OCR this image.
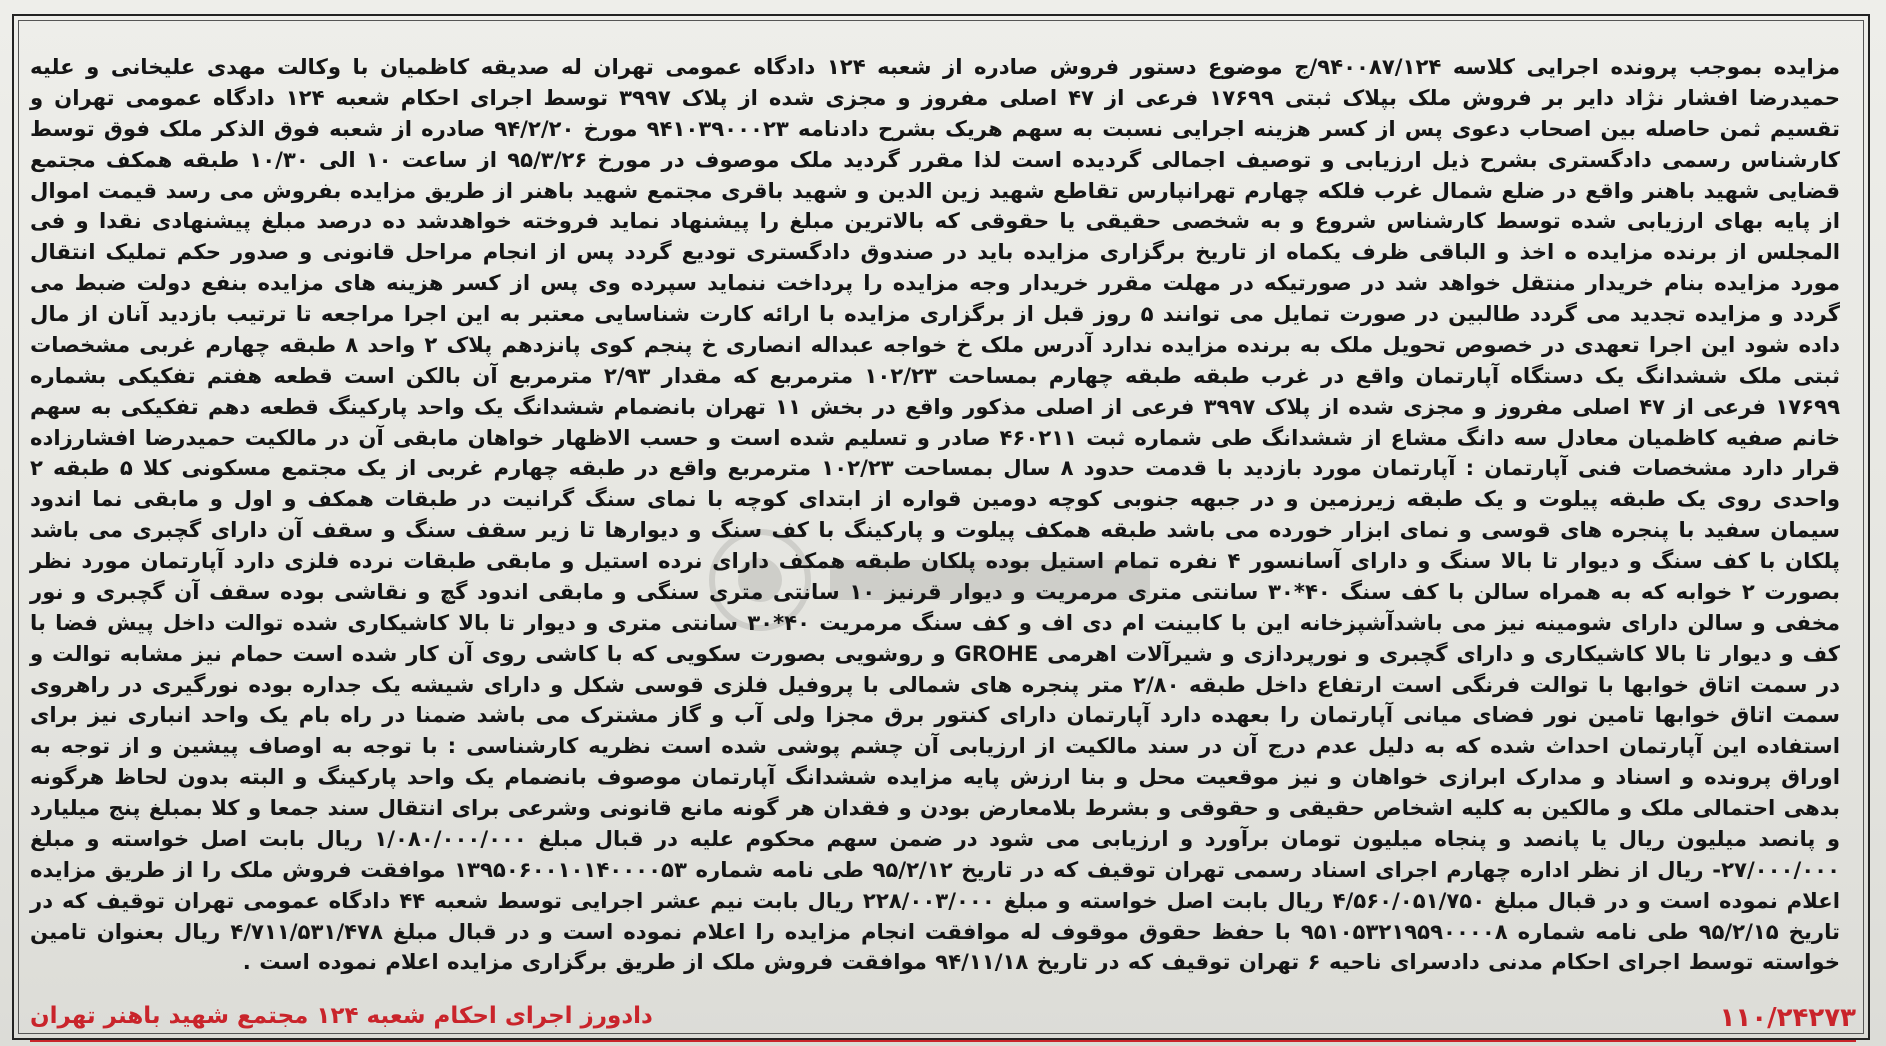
مزایده بموجب پرونده اجرایی کلاسه ۹۴۰۰۸۷/۱۲۴/ج موضوع دستور فروش صادره از شعبه ۱۲۴ دادگاه عمومی تهران له صدیقه کاظمیان با وکالت مهدی علیخانی و علیه حمیدرضا افشار نژاد دایر بر فروش ملک بپلاک ثبتی ۱۷۶۹۹ فرعی از ۴۷ اصلی مفروز و مجزی شده از پلاک ۳۹۹۷ توسط اجرای احکام شعبه ۱۲۴ دادگاه عمومی تهران و تقسیم ثمن حاصله بین اصحاب دعوی پس از کسر هزینه اجرایی نسبت به سهم هریک بشرح دادنامه ۹۴۱۰۳۹۰۰۰۲۳ مورخ ۹۴/۲/۲۰ صادره از شعبه فوق الذکر ملک فوق توسط کارشناس رسمی دادگستری بشرح ذیل ارزیابی و توصیف اجمالی گردیده است لذا مقرر گردید ملک موصوف در مورخ ۹۵/۳/۲۶ از ساعت ۱۰ الی ۱۰/۳۰ طبقه همکف مجتمع قضایی شهید باهنر واقع در ضلع شمال غرب فلکه چهارم تهرانپارس تقاطع شهید زین الدین و شهید باقری مجتمع شهید باهنر از طریق مزایده بفروش می رسد قیمت اموال از پایه بهای ارزیابی شده توسط کارشناس شروع و به شخصی حقیقی یا حقوقی که بالاترین مبلغ را پیشنهاد نماید فروخته خواهدشد ده درصد مبلغ پیشنهادی نقدا و فی المجلس از برنده مزایده ه اخذ و الباقی ظرف یکماه از تاریخ برگزاری مزایده باید در صندوق دادگستری تودیع گردد پس از انجام مراحل قانونی و صدور حکم تملیک انتقال مورد مزایده بنام خریدار منتقل خواهد شد در صورتیکه در مهلت مقرر خریدار وجه مزایده را پرداخت ننماید سپرده وی پس از کسر هزینه های مزایده بنفع دولت ضبط می گردد و مزایده تجدید می گردد طالبین در صورت تمایل می توانند ۵ روز قبل از برگزاری مزایده با ارائه کارت شناسایی معتبر به این اجرا مراجعه تا ترتیب بازدید آنان از مال داده شود این اجرا تعهدی در خصوص تحویل ملک به برنده مزایده ندارد آدرس ملک خ خواجه عبداله انصاری خ پنجم کوی پانزدهم پلاک ۲ واحد ۸ طبقه چهارم غربی مشخصات ثبتی ملک ششدانگ یک دستگاه آپارتمان واقع در غرب طبقه طبقه چهارم بمساحت ۱۰۲/۲۳ مترمربع که مقدار ۲/۹۳ مترمربع آن بالکن است قطعه هفتم تفکیکی بشماره ۱۷۶۹۹ فرعی از ۴۷ اصلی مفروز و مجزی شده از پلاک ۳۹۹۷ فرعی از اصلی مذکور واقع در بخش ۱۱ تهران بانضمام ششدانگ یک واحد پارکینگ قطعه دهم تفکیکی به سهم خانم صفیه کاظمیان معادل سه دانگ مشاع از ششدانگ طی شماره ثبت ۴۶۰۲۱۱ صادر و تسلیم شده است و حسب الاظهار خواهان مابقی آن در مالکیت حمیدرضا افشارزاده قرار دارد مشخصات فنی آپارتمان : آپارتمان مورد بازدید با قدمت حدود ۸ سال بمساحت ۱۰۲/۲۳ مترمربع واقع در طبقه چهارم غربی از یک مجتمع مسکونی کلا ۵ طبقه ۲ واحدی روی یک طبقه پیلوت و یک طبقه زیرزمین و در جبهه جنوبی کوچه دومین قواره از ابتدای کوچه با نمای سنگ گرانیت در طبقات همکف و اول و مابقی نما اندود سیمان سفید با پنجره های قوسی و نمای ابزار خورده می باشد طبقه همکف پیلوت و پارکینگ با کف سنگ و دیوارها تا زیر سقف سنگ و سقف آن دارای گچبری می باشد پلکان با کف سنگ و دیوار تا بالا سنگ و دارای آسانسور ۴ نفره تمام استیل بوده پلکان طبقه همکف دارای نرده استیل و مابقی طبقات نرده فلزی دارد آپارتمان مورد نظر بصورت ۲ خوابه که به همراه سالن با کف سنگ ۴۰*۳۰ سانتی متری مرمریت و دیوار قرنیز ۱۰ سانتی متری سنگی و مابقی اندود گچ و نقاشی بوده سقف آن گچبری و نور مخفی و سالن دارای شومینه نیز می باشدآشپزخانه این با کابینت ام دی اف و کف سنگ مرمریت ۴۰*۳۰ سانتی متری و دیوار تا بالا کاشیکاری شده توالت داخل پیش فضا با کف و دیوار تا بالا کاشیکاری و دارای گچبری و نورپردازی و شیرآلات اهرمی GROHE و روشویی بصورت سکویی که با کاشی روی آن کار شده است حمام نیز مشابه توالت و در سمت اتاق خوابها با توالت فرنگی است ارتفاع داخل طبقه ۲/۸۰ متر پنجره های شمالی با پروفیل فلزی قوسی شکل و دارای شیشه یک جداره بوده نورگیری در راهروی سمت اتاق خوابها تامین نور فضای میانی آپارتمان را بعهده دارد آپارتمان دارای کنتور برق مجزا ولی آب و گاز مشترک می باشد ضمنا در راه بام یک واحد انباری نیز برای استفاده این آپارتمان احداث شده که به دلیل عدم درج آن در سند مالکیت از ارزیابی آن چشم پوشی شده است نظریه کارشناسی : با توجه به اوصاف پیشین و از توجه به اوراق پرونده و اسناد و مدارک ابرازی خواهان و نیز موقعیت محل و بنا ارزش پایه مزایده ششدانگ آپارتمان موصوف بانضمام یک واحد پارکینگ و البته بدون لحاظ هرگونه بدهی احتمالی ملک و مالکین به کلیه اشخاص حقیقی و حقوقی و بشرط بلامعارض بودن و فقدان هر گونه مانع قانونی وشرعی برای انتقال سند جمعا و کلا بمبلغ پنج میلیارد و پانصد میلیون ریال یا پانصد و پنجاه میلیون تومان برآورد و ارزیابی می شود در ضمن سهم محکوم علیه در قبال مبلغ ۱/۰۸۰/۰۰۰/۰۰۰ ریال بابت اصل خواسته و مبلغ ۲۷/۰۰۰/۰۰۰- ریال از نظر اداره چهارم اجرای اسناد رسمی تهران توقیف که در تاریخ ۹۵/۲/۱۲ طی نامه شماره ۱۳۹۵۰۶۰۰۱۰۱۴۰۰۰۰۵۳ موافقت فروش ملک را از طریق مزایده اعلام نموده است و در قبال مبلغ ۴/۵۶۰/۰۵۱/۷۵۰ ریال بابت اصل خواسته و مبلغ ۲۲۸/۰۰۳/۰۰۰ ریال بابت نیم عشر اجرایی توسط شعبه ۴۴ دادگاه عمومی تهران توقیف که در تاریخ ۹۵/۲/۱۵ طی نامه شماره ۹۵۱۰۵۳۲۱۹۵۹۰۰۰۰۸ با حفظ حقوق موقوف له موافقت انجام مزایده را اعلام نموده است و در قبال مبلغ ۴/۷۱۱/۵۳۱/۴۷۸ ریال بعنوان تامین خواسته توسط اجرای احکام مدنی دادسرای ناحیه ۶ تهران توقیف که در تاریخ ۹۴/۱۱/۱۸ موافقت فروش ملک از طریق برگزاری مزایده اعلام نموده است .
۱۱۰/۲۴۲۷۳
دادورز اجرای احکام شعبه ۱۲۴ مجتمع شهید باهنر تهران
